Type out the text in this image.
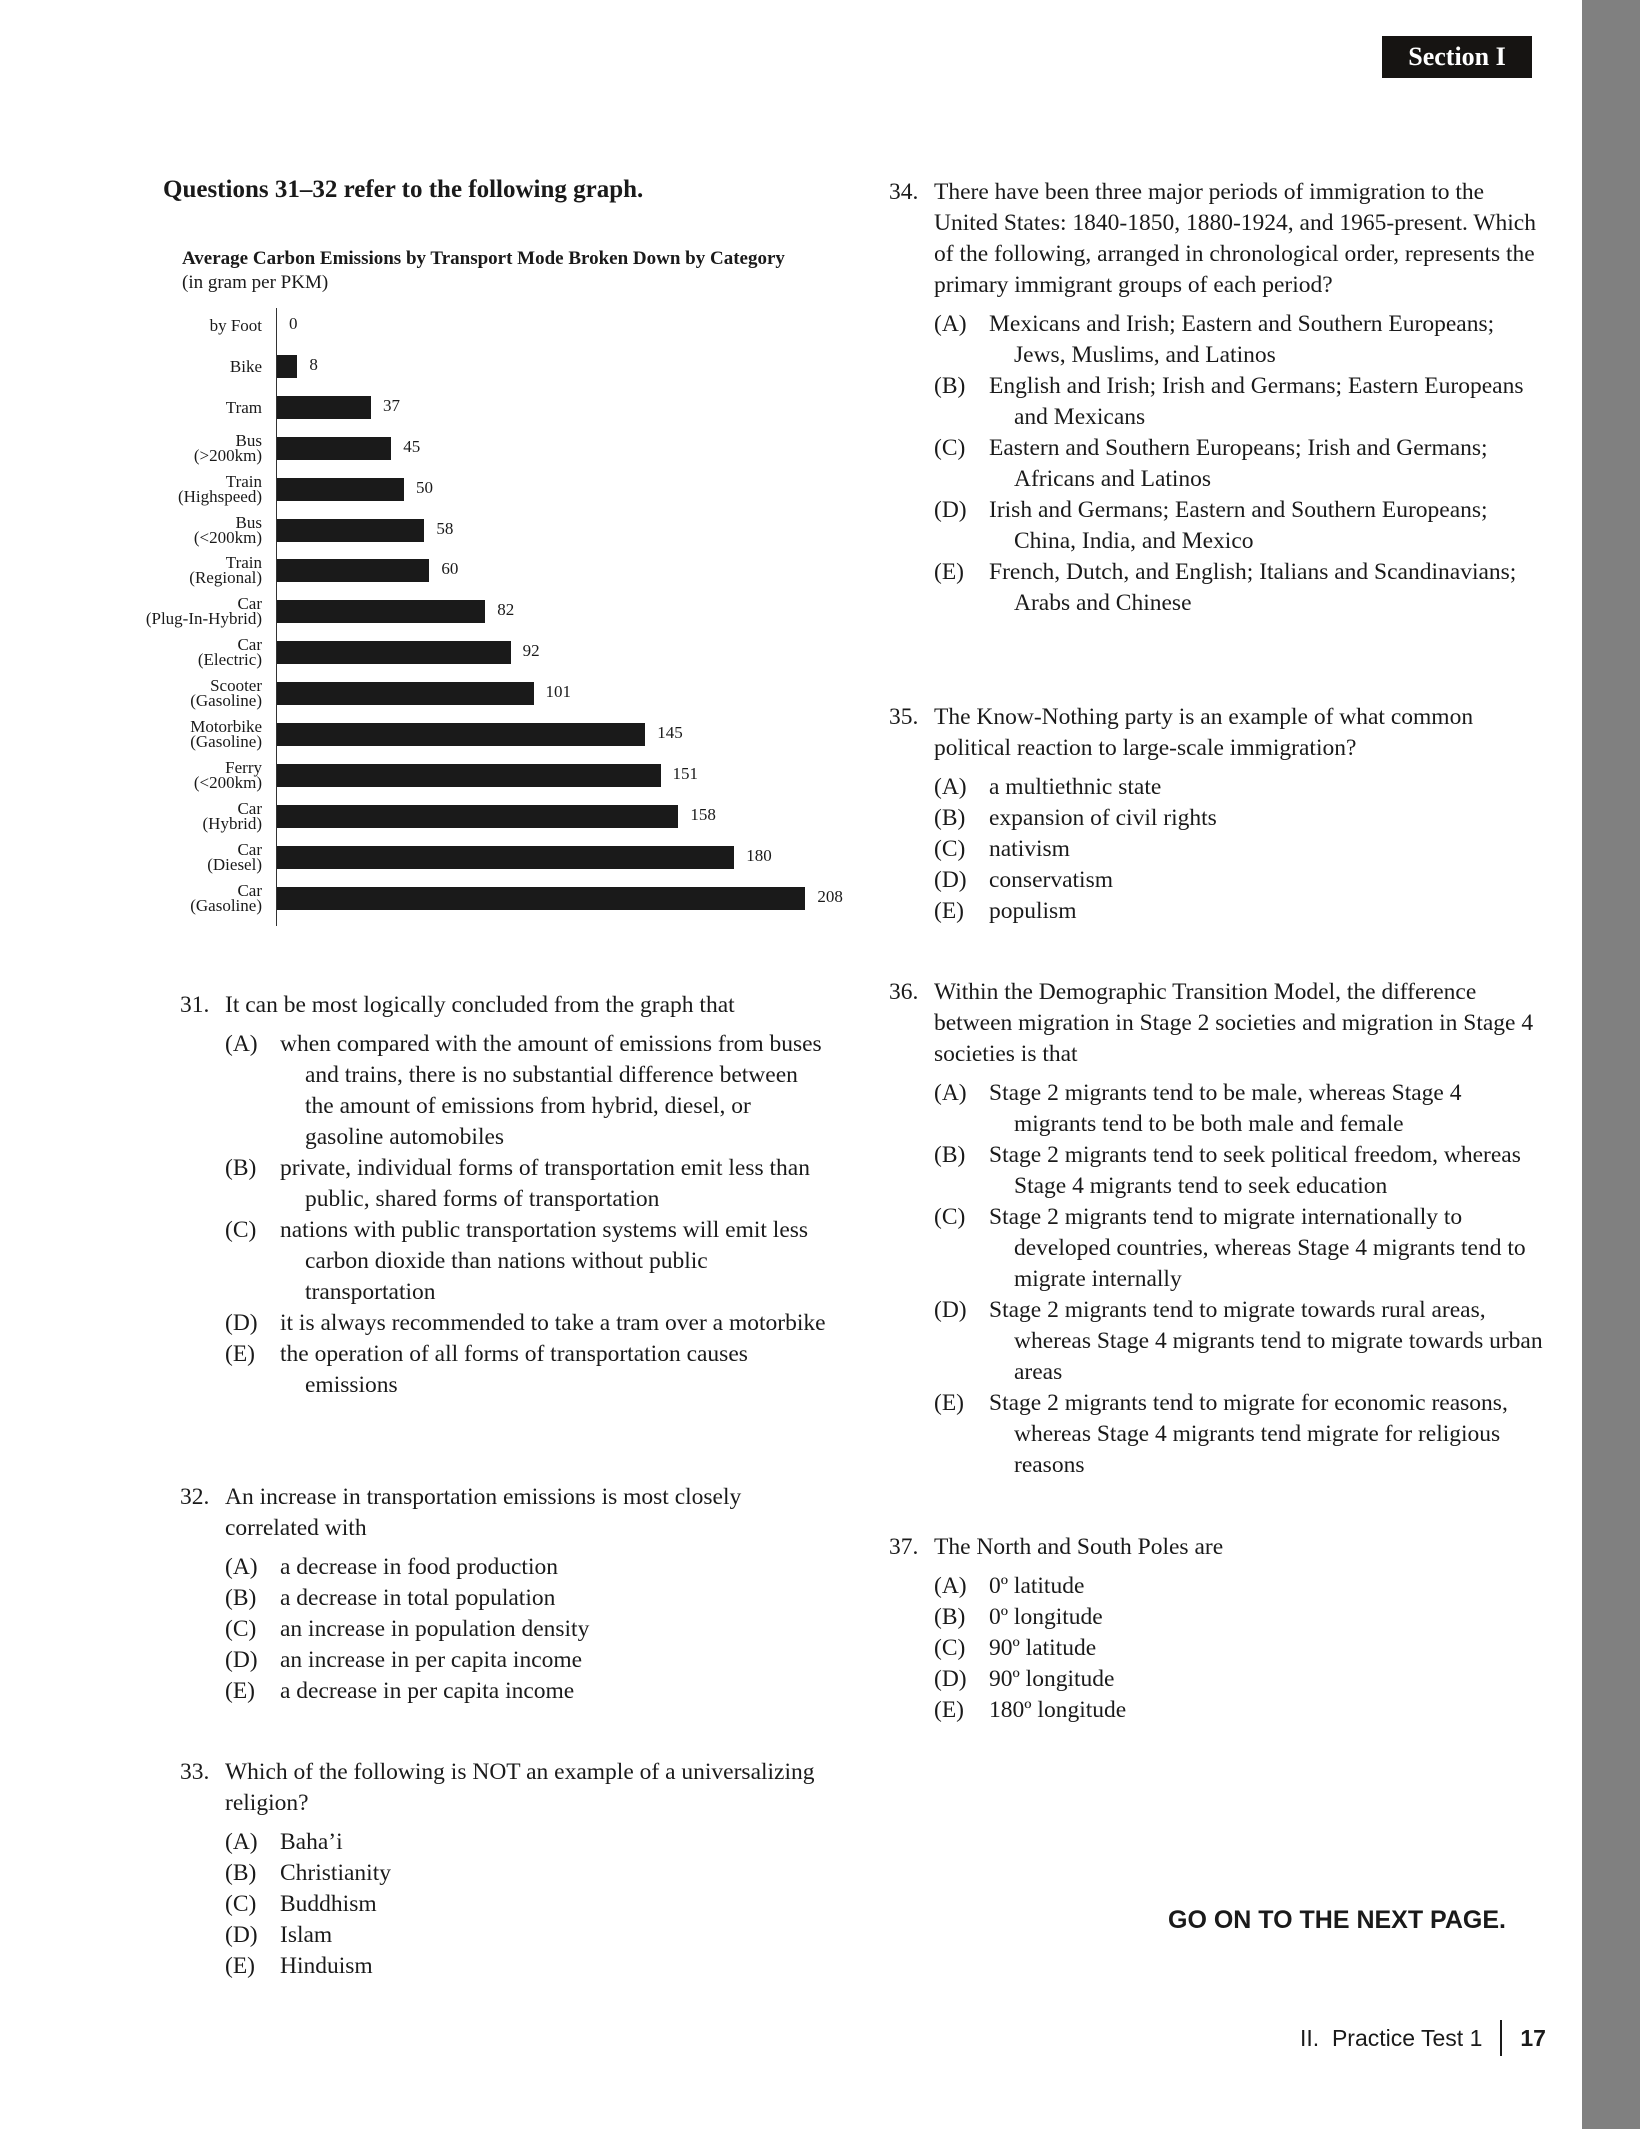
Section I
Questions 31–32 refer to the following graph.
Average Carbon Emissions by Transport Mode Broken Down by Category
(in gram per PKM)
by Foot 0
Bike	8
Tram	37
Bus
(>200km)	45
Train
(Highspeed)	50
Bus
(<200km)	58
Train
(Regional)	60
Car
(Plug-In-Hybrid)	82
Car
(Electric)	92
Scooter
(Gasoline)	101
Motorbike
(Gasoline)	145
Ferry
(<200km)	151
Car
(Hybrid)	158
Car
(Diesel)	180
Car
(Gasoline)	208
31. It can be most logically concluded from the graph that
(A) when compared with the amount of emissions from buses and trains, there is no substantial difference between the amount of emissions from hybrid, diesel, or gasoline automobiles
(B) private, individual forms of transportation emit less than public, shared forms of transportation
(C) nations with public transportation systems will emit less carbon dioxide than nations without public transportation
(D) it is always recommended to take a tram over a motorbike
(E) the operation of all forms of transportation causes emissions
32. An increase in transportation emissions is most closely correlated with
(A) a decrease in food production
(B) a decrease in total population
(C) an increase in population density
(D) an increase in per capita income
(E) a decrease in per capita income
33. Which of the following is NOT an example of a universalizing religion?
(A) Baha’i
(B) Christianity
(C) Buddhism
(D) Islam
(E) Hinduism
34. There have been three major periods of immigration to the United States: 1840-1850, 1880-1924, and 1965-present. Which of the following, arranged in chronological order, represents the primary immigrant groups of each period?
(A) Mexicans and Irish; Eastern and Southern Europeans; Jews, Muslims, and Latinos
(B) English and Irish; Irish and Germans; Eastern Europeans and Mexicans
(C) Eastern and Southern Europeans; Irish and Germans; Africans and Latinos
(D) Irish and Germans; Eastern and Southern Europeans; China, India, and Mexico
(E) French, Dutch, and English; Italians and Scandinavians; Arabs and Chinese
35. The Know-Nothing party is an example of what common political reaction to large-scale immigration?
(A) a multiethnic state
(B) expansion of civil rights
(C) nativism
(D) conservatism
(E) populism
36. Within the Demographic Transition Model, the difference between migration in Stage 2 societies and migration in Stage 4 societies is that
(A) Stage 2 migrants tend to be male, whereas Stage 4 migrants tend to be both male and female
(B) Stage 2 migrants tend to seek political freedom, whereas Stage 4 migrants tend to seek education
(C) Stage 2 migrants tend to migrate internationally to developed countries, whereas Stage 4 migrants tend to migrate internally
(D) Stage 2 migrants tend to migrate towards rural areas, whereas Stage 4 migrants tend to migrate towards urban areas
(E) Stage 2 migrants tend to migrate for economic reasons, whereas Stage 4 migrants tend migrate for religious reasons
37. The North and South Poles are
(A) 0º latitude
(B) 0º longitude
(C) 90º latitude
(D) 90º longitude
(E) 180º longitude
GO ON TO THE NEXT PAGE.
II.  Practice Test 1 17
